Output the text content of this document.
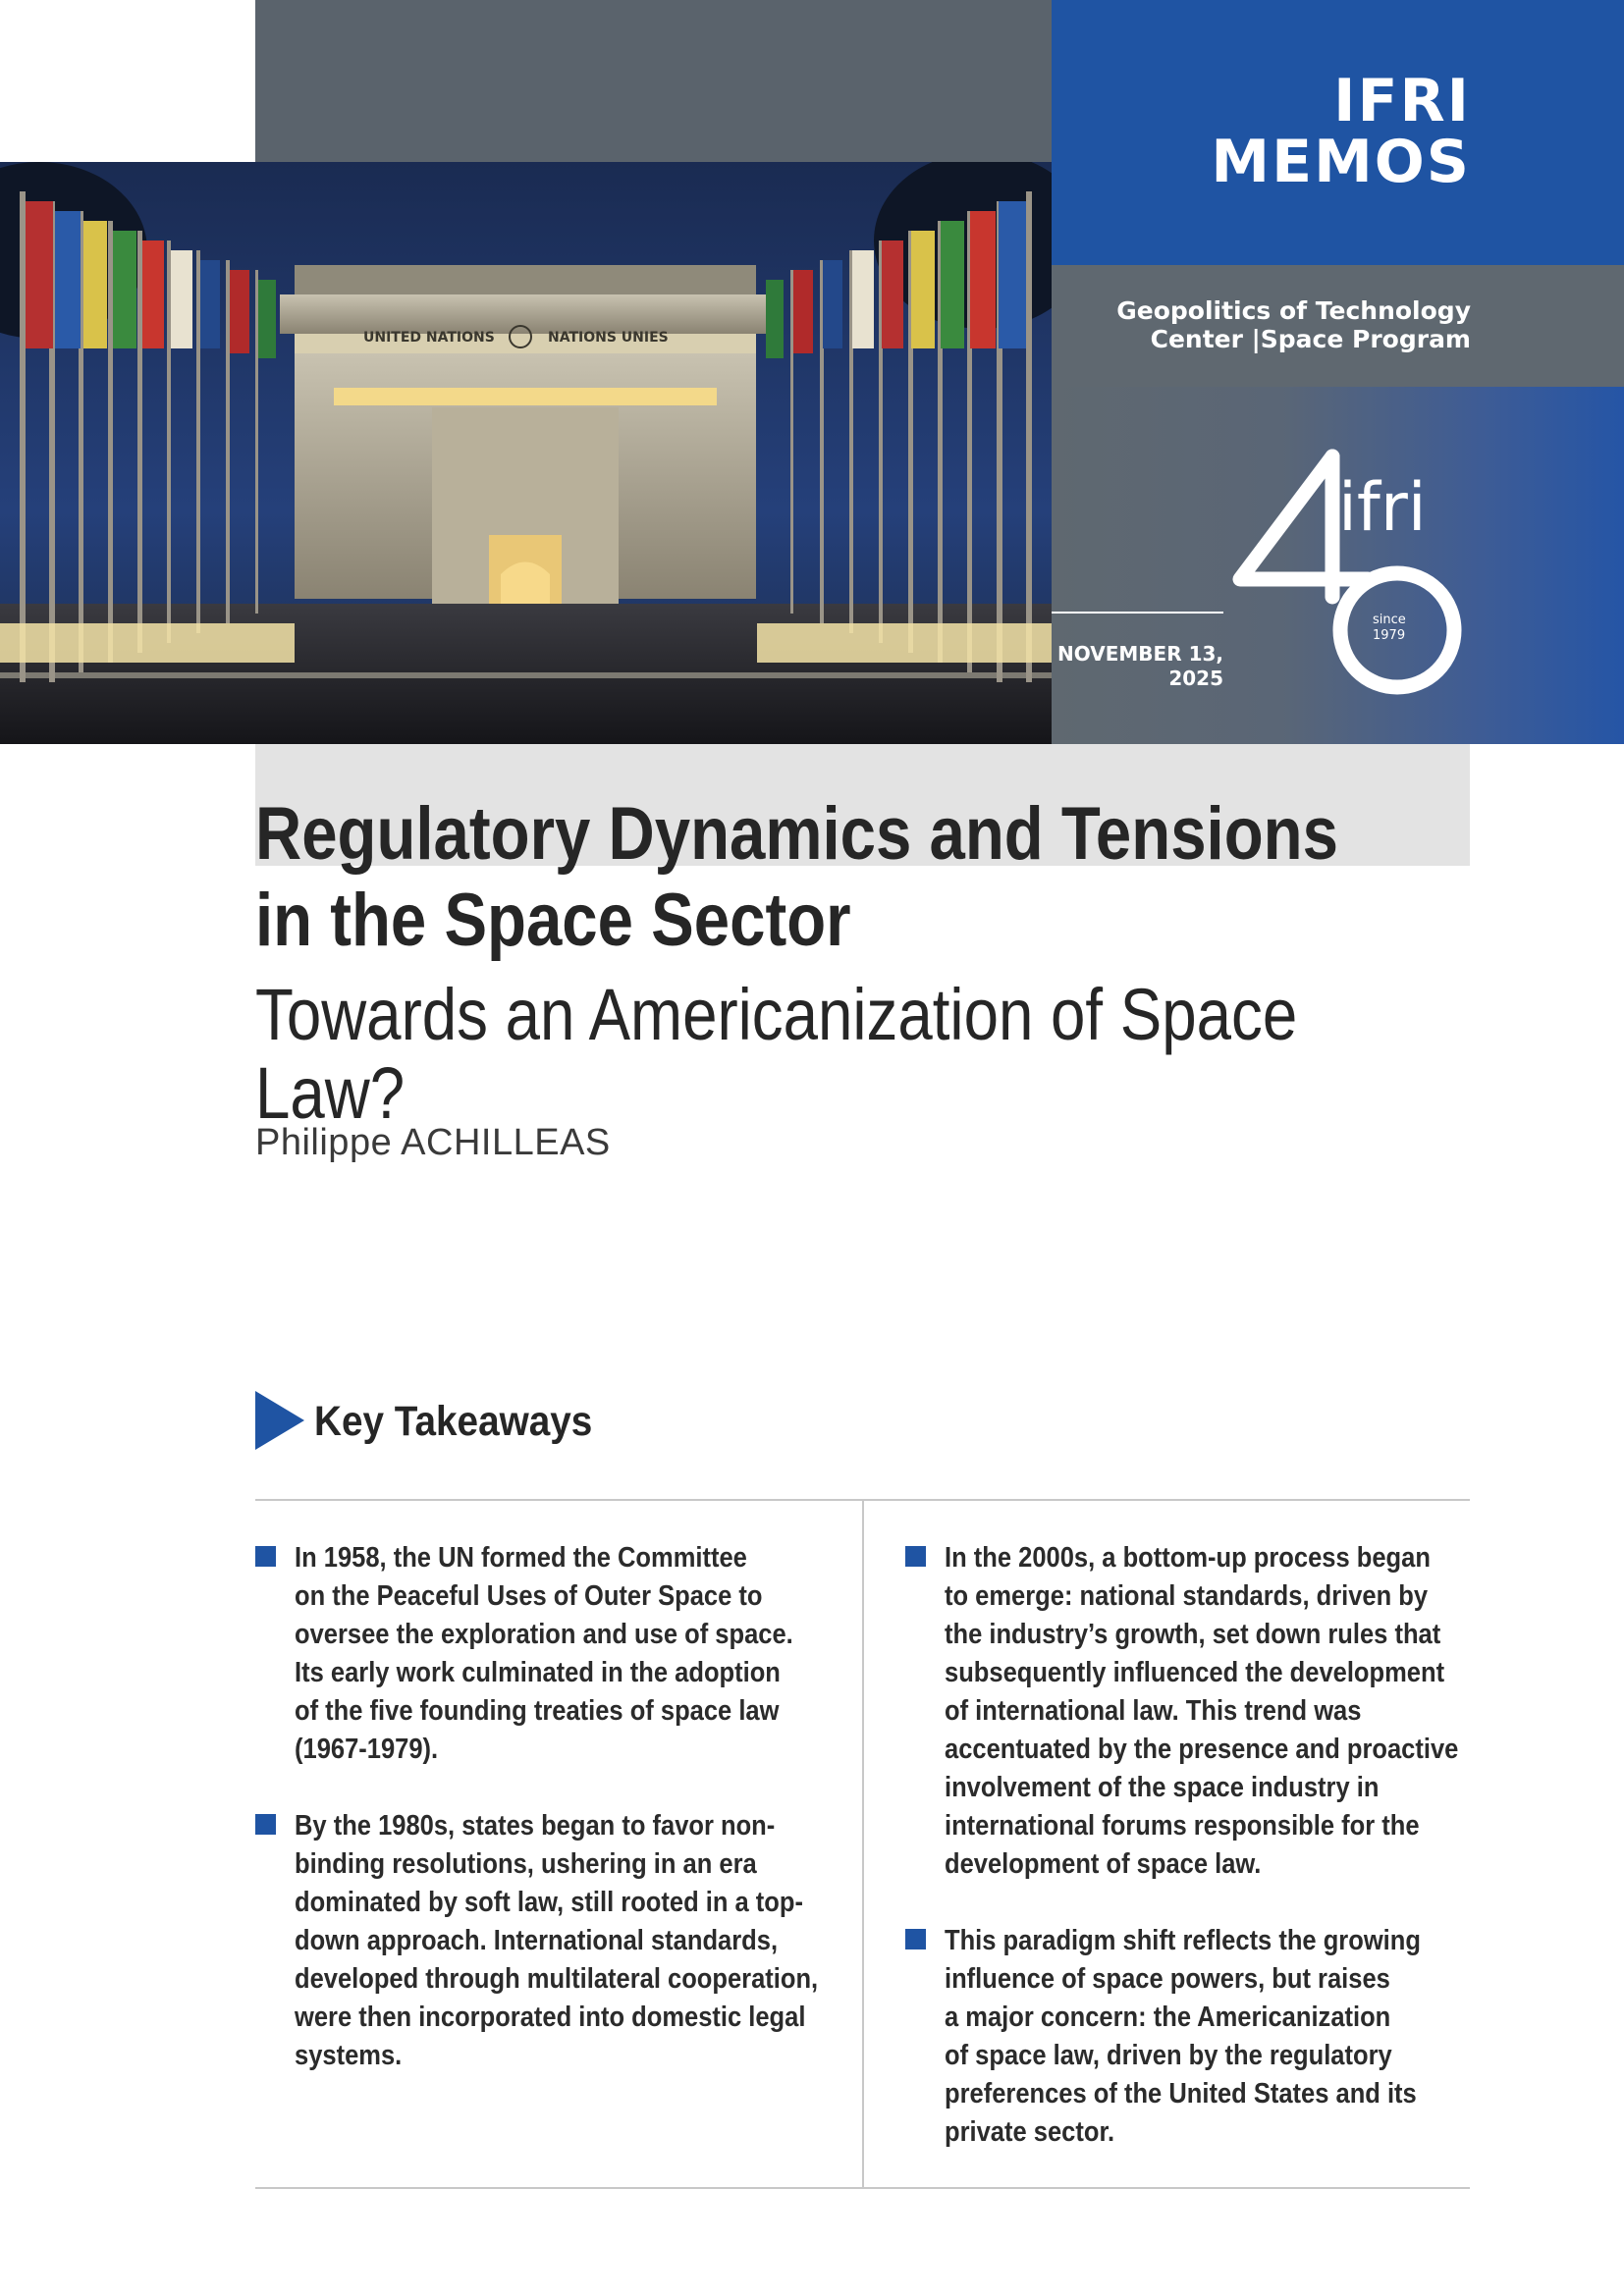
IFRI
MEMOS
Geopolitics of Technology
Center |Space Program
NOVEMBER 13,
2025
ifri
since
1979
UNITED NATIONS	NATIONS UNIES
Regulatory Dynamics and Tensions
in the Space Sector
Towards an Americanization of Space Law?
Philippe ACHILLEAS
Key Takeaways
In 1958, the UN formed the Committee
on the Peaceful Uses of Outer Space to
oversee the exploration and use of space.
Its early work culminated in the adoption
of the five founding treaties of space law
(1967-1979).
By the 1980s, states began to favor non-
binding resolutions, ushering in an era
dominated by soft law, still rooted in a top-
down approach. International standards,
developed through multilateral cooperation,
were then incorporated into domestic legal
systems.
In the 2000s, a bottom-up process began
to emerge: national standards, driven by
the industry’s growth, set down rules that
subsequently influenced the development
of international law. This trend was
accentuated by the presence and proactive
involvement of the space industry in
international forums responsible for the
development of space law.
This paradigm shift reflects the growing
influence of space powers, but raises
a major concern: the Americanization
of space law, driven by the regulatory
preferences of the United States and its
private sector.
